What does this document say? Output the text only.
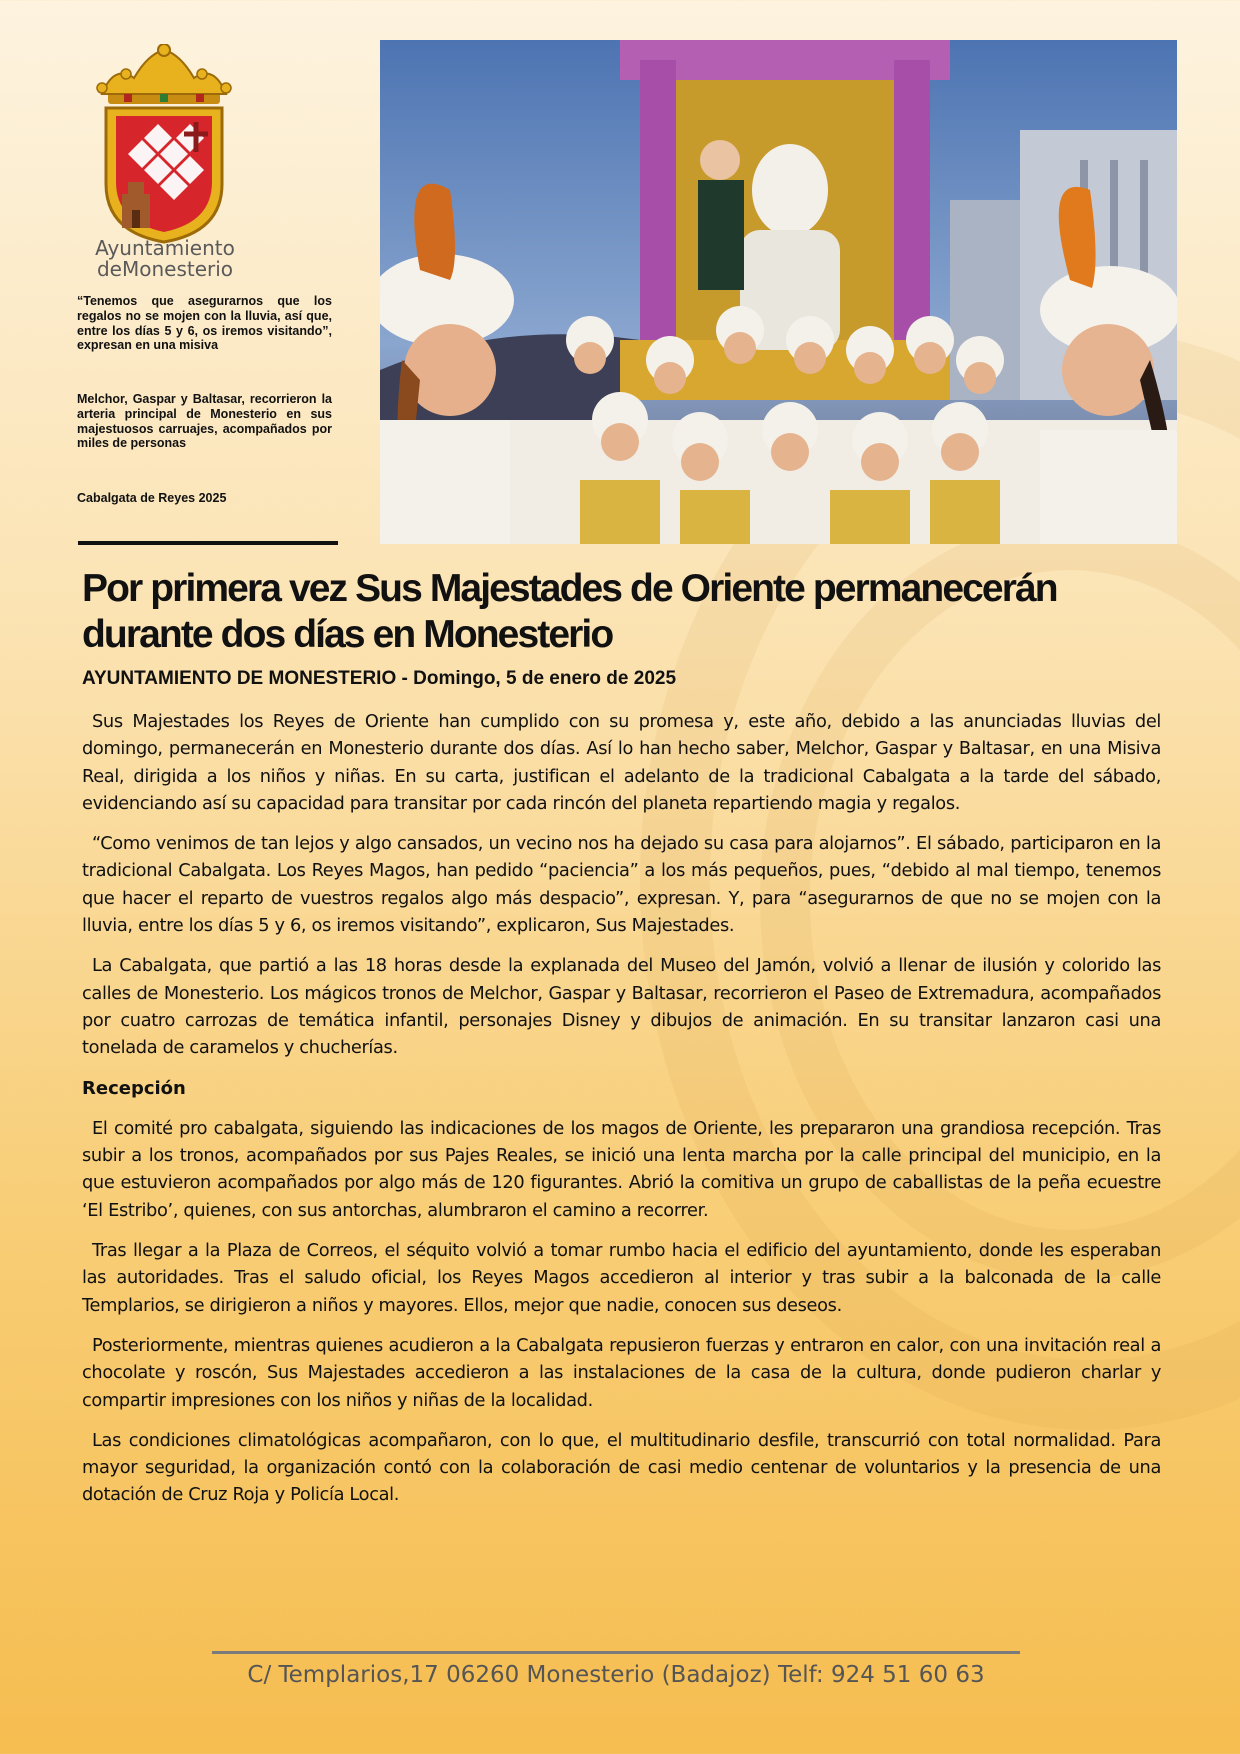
Ayuntamiento
deMonesterio
“Tenemos que asegurarnos que los regalos no se mojen con la lluvia, así que, entre los días 5 y 6, os iremos visitando”, expresan en una misiva
Melchor, Gaspar y Baltasar, recorrieron la arteria principal de Monesterio en sus majestuosos carruajes, acompañados por miles de personas
Cabalgata de Reyes 2025
Por primera vez Sus Majestades de Oriente permanecerán durante dos días en Monesterio
AYUNTAMIENTO DE MONESTERIO - Domingo, 5 de enero de 2025

Sus Majestades los Reyes de Oriente han cumplido con su promesa y, este año, debido a las anunciadas lluvias del domingo, permanecerán en Monesterio durante dos días. Así lo han hecho saber, Melchor, Gaspar y Baltasar, en una Misiva Real, dirigida a los niños y niñas. En su carta, justifican el adelanto de la tradicional Cabalgata a la tarde del sábado, evidenciando así su capacidad para transitar por cada rincón del planeta repartiendo magia y regalos.

“Como venimos de tan lejos y algo cansados, un vecino nos ha dejado su casa para alojarnos”. El sábado, participaron en la tradicional Cabalgata. Los Reyes Magos, han pedido “paciencia” a los más pequeños, pues, “debido al mal tiempo, tenemos que hacer el reparto de vuestros regalos algo más despacio”, expresan. Y, para “asegurarnos de que no se mojen con la lluvia, entre los días 5 y 6, os iremos visitando”, explicaron, Sus Majestades.

La Cabalgata, que partió a las 18 horas desde la explanada del Museo del Jamón, volvió a llenar de ilusión y colorido las calles de Monesterio. Los mágicos tronos de Melchor, Gaspar y Baltasar, recorrieron el Paseo de Extremadura, acompañados por cuatro carrozas de temática infantil, personajes Disney y dibujos de animación. En su transitar lanzaron casi una tonelada de caramelos y chucherías.

Recepción

El comité pro cabalgata, siguiendo las indicaciones de los magos de Oriente, les prepararon una grandiosa recepción. Tras subir a los tronos, acompañados por sus Pajes Reales, se inició una lenta marcha por la calle principal del municipio, en la que estuvieron acompañados por algo más de 120 figurantes. Abrió la comitiva un grupo de caballistas de la peña ecuestre ‘El Estribo’, quienes, con sus antorchas, alumbraron el camino a recorrer.

Tras llegar a la Plaza de Correos, el séquito volvió a tomar rumbo hacia el edificio del ayuntamiento, donde les esperaban las autoridades. Tras el saludo oficial, los Reyes Magos accedieron al interior y tras subir a la balconada de la calle Templarios, se dirigieron a niños y mayores. Ellos, mejor que nadie, conocen sus deseos.

Posteriormente, mientras quienes acudieron a la Cabalgata repusieron fuerzas y entraron en calor, con una invitación real a chocolate y roscón, Sus Majestades accedieron a las instalaciones de la casa de la cultura, donde pudieron charlar y compartir impresiones con los niños y niñas de la localidad.

Las condiciones climatológicas acompañaron, con lo que, el multitudinario desfile, transcurrió con total normalidad. Para mayor seguridad, la organización contó con la colaboración de casi medio centenar de voluntarios y la presencia de una dotación de Cruz Roja y Policía Local.

C/ Templarios,17 06260 Monesterio (Badajoz) Telf: 924 51 60 63
